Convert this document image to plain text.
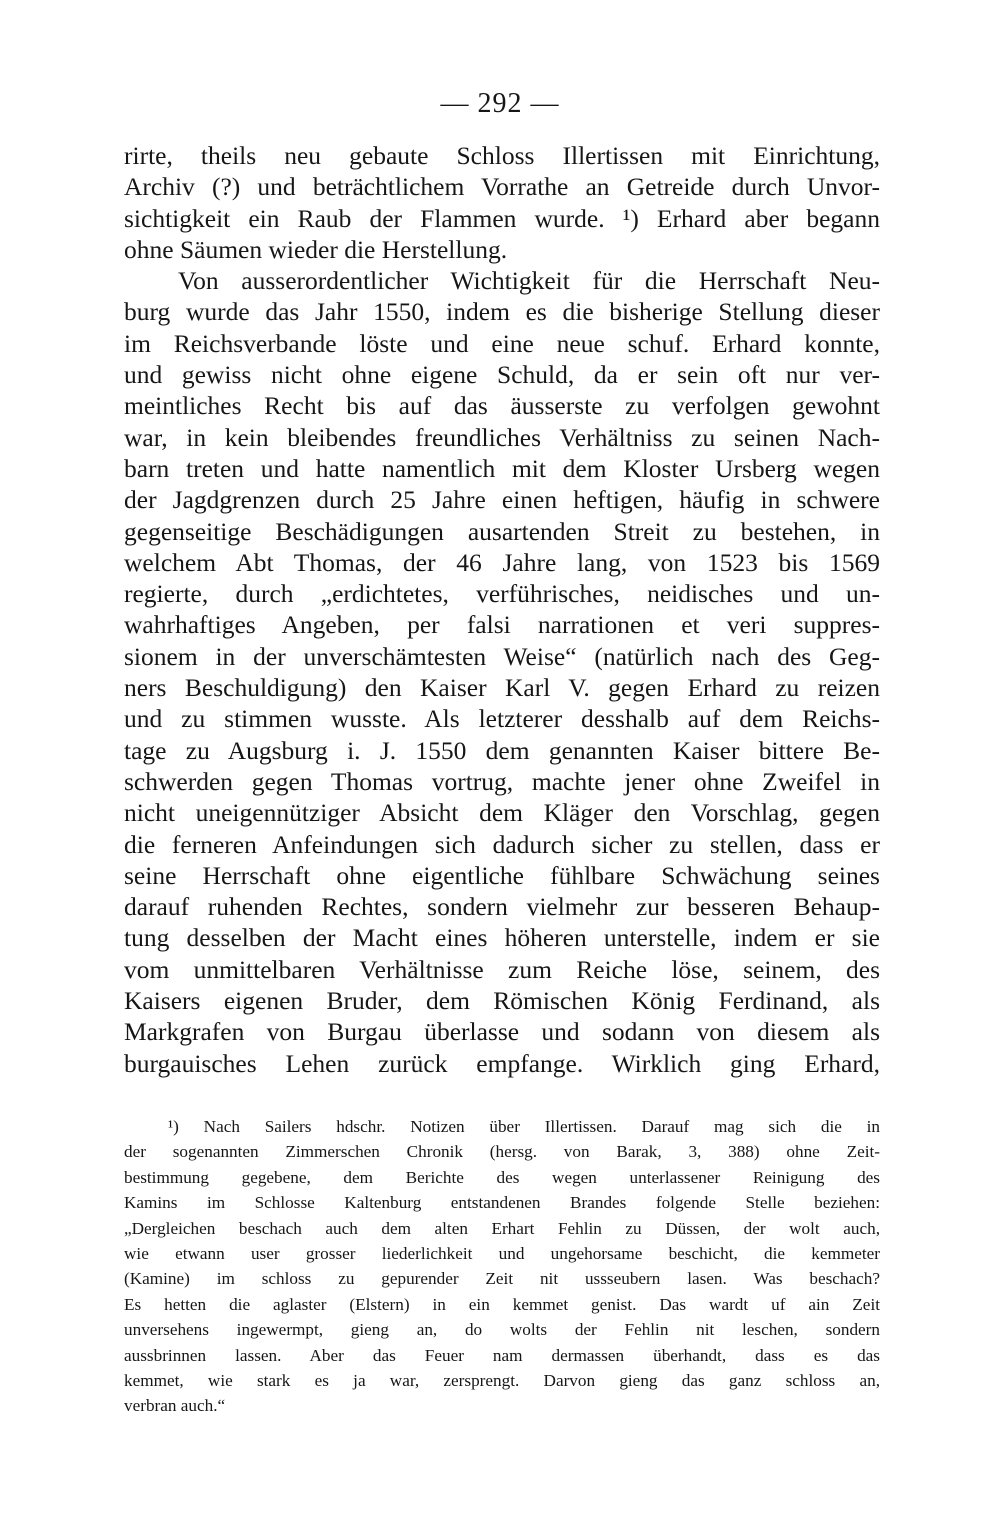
— 292 —

rirte, theils neu gebaute Schloss Illertissen mit Einrichtung,

Archiv (?) und beträchtlichem Vorrathe an Getreide durch Unvor-

sichtigkeit ein Raub der Flammen wurde. ¹) Erhard aber begann

ohne Säumen wieder die Herstellung.

Von ausserordentlicher Wichtigkeit für die Herrschaft Neu-

burg wurde das Jahr 1550, indem es die bisherige Stellung dieser

im Reichsverbande löste und eine neue schuf. Erhard konnte,

und gewiss nicht ohne eigene Schuld, da er sein oft nur ver-

meintliches Recht bis auf das äusserste zu verfolgen gewohnt

war, in kein bleibendes freundliches Verhältniss zu seinen Nach-

barn treten und hatte namentlich mit dem Kloster Ursberg wegen

der Jagdgrenzen durch 25 Jahre einen heftigen, häufig in schwere

gegenseitige Beschädigungen ausartenden Streit zu bestehen, in

welchem Abt Thomas, der 46 Jahre lang, von 1523 bis 1569

regierte, durch „erdichtetes, verführisches, neidisches und un-

wahrhaftiges Angeben, per falsi narrationen et veri suppres-

sionem in der unverschämtesten Weise“ (natürlich nach des Geg-

ners Beschuldigung) den Kaiser Karl V. gegen Erhard zu reizen

und zu stimmen wusste. Als letzterer desshalb auf dem Reichs-

tage zu Augsburg i. J. 1550 dem genannten Kaiser bittere Be-

schwerden gegen Thomas vortrug, machte jener ohne Zweifel in

nicht uneigennütziger Absicht dem Kläger den Vorschlag, gegen

die ferneren Anfeindungen sich dadurch sicher zu stellen, dass er

seine Herrschaft ohne eigentliche fühlbare Schwächung seines

darauf ruhenden Rechtes, sondern vielmehr zur besseren Behaup-

tung desselben der Macht eines höheren unterstelle, indem er sie

vom unmittelbaren Verhältnisse zum Reiche löse, seinem, des

Kaisers eigenen Bruder, dem Römischen König Ferdinand, als

Markgrafen von Burgau überlasse und sodann von diesem als

burgauisches Lehen zurück empfange. Wirklich ging Erhard,

¹) Nach Sailers hdschr. Notizen über Illertissen. Darauf mag sich die in

der sogenannten Zimmerschen Chronik (hersg. von Barak, 3, 388) ohne Zeit-

bestimmung gegebene, dem Berichte des wegen unterlassener Reinigung des

Kamins im Schlosse Kaltenburg entstandenen Brandes folgende Stelle beziehen:

„Dergleichen beschach auch dem alten Erhart Fehlin zu Düssen, der wolt auch,

wie etwann user grosser liederlichkeit und ungehorsame beschicht, die kemmeter

(Kamine) im schloss zu gepurender Zeit nit ussseubern lasen. Was beschach?

Es hetten die aglaster (Elstern) in ein kemmet genist. Das wardt uf ain Zeit

unversehens ingewermpt, gieng an, do wolts der Fehlin nit leschen, sondern

aussbrinnen lassen. Aber das Feuer nam dermassen überhandt, dass es das

kemmet, wie stark es ja war, zersprengt. Darvon gieng das ganz schloss an,

verbran auch.“
